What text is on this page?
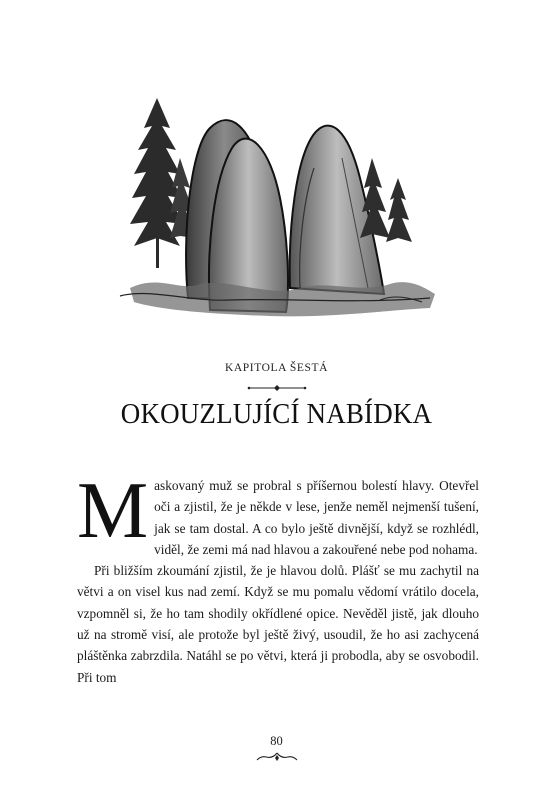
KAPITOLA ŠESTÁ
OKOUZLUJÍCÍ NABÍDKA

Maskovaný muž se probral s příšernou bolestí hlavy. Otevřel oči a zjistil, že je někde v lese, jenže neměl nejmenší tušení, jak se tam dostal. A co bylo ještě divnější, když se rozhlédl, viděl, že zemi má nad hlavou a zakouřené nebe pod nohama.

Při bližším zkoumání zjistil, že je hlavou dolů. Plášť se mu zachytil na větvi a on visel kus nad zemí. Když se mu pomalu vědomí vrátilo docela, vzpomněl si, že ho tam shodily okřídlené opice. Nevěděl jistě, jak dlouho už na stromě visí, ale protože byl ještě živý, usoudil, že ho asi zachycená pláštěnka zabrzdila. Natáhl se po větvi, která ji probodla, aby se osvobodil. Při tom

80
